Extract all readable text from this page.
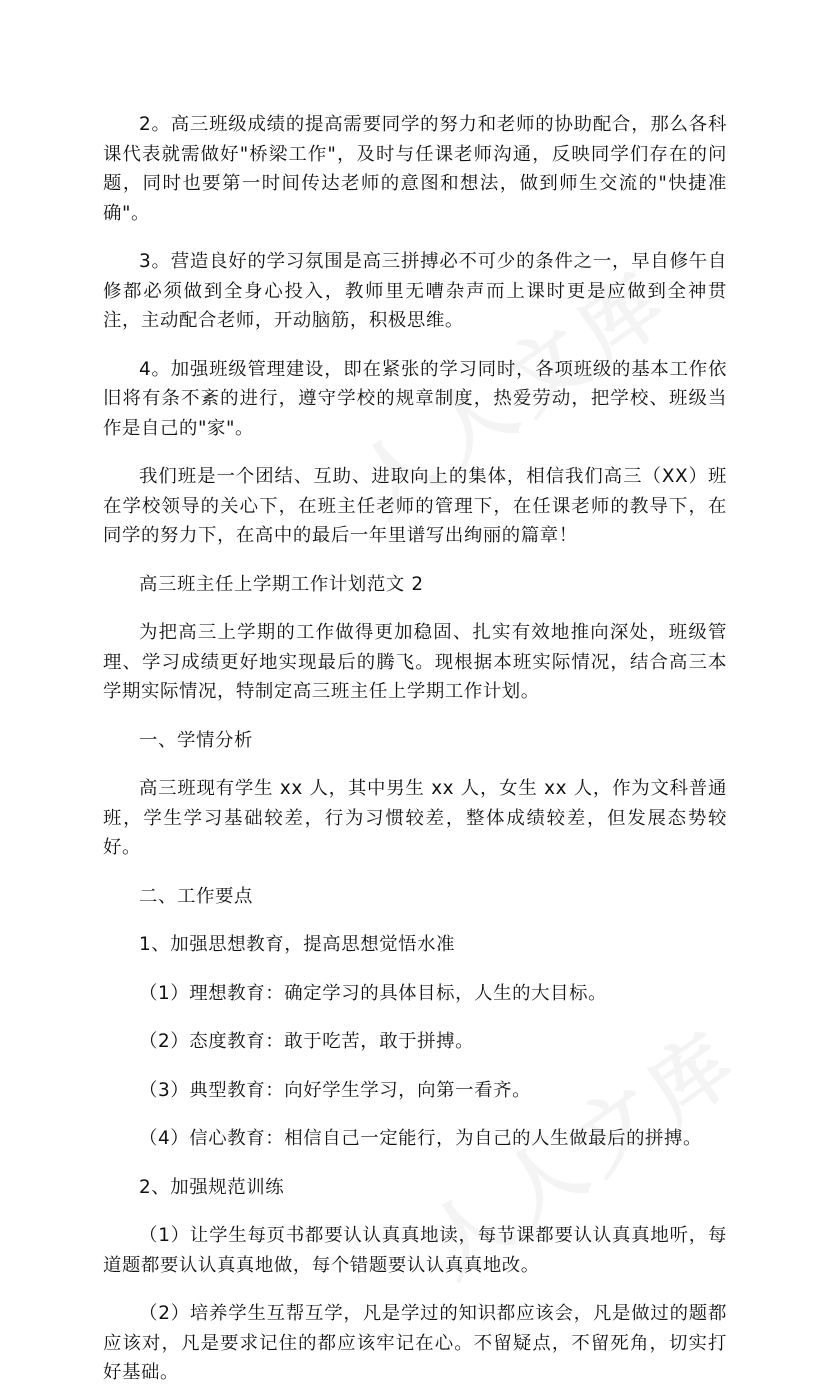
2。高三班级成绩的提高需要同学的努力和老师的协助配合，那么各科课代表就需做好"桥梁工作"，及时与任课老师沟通，反映同学们存在的问题，同时也要第一时间传达老师的意图和想法，做到师生交流的"快捷准确"。

3。营造良好的学习氛围是高三拼搏必不可少的条件之一，早自修午自修都必须做到全身心投入，教师里无嘈杂声而上课时更是应做到全神贯注，主动配合老师，开动脑筋，积极思维。

4。加强班级管理建设，即在紧张的学习同时，各项班级的基本工作依旧将有条不紊的进行，遵守学校的规章制度，热爱劳动，把学校、班级当作是自己的"家"。

我们班是一个团结、互助、进取向上的集体，相信我们高三（XX）班在学校领导的关心下，在班主任老师的管理下，在任课老师的教导下，在同学的努力下，在高中的最后一年里谱写出绚丽的篇章！

高三班主任上学期工作计划范文 2

为把高三上学期的工作做得更加稳固、扎实有效地推向深处，班级管理、学习成绩更好地实现最后的腾飞。现根据本班实际情况，结合高三本学期实际情况，特制定高三班主任上学期工作计划。

一、学情分析

高三班现有学生 xx 人，其中男生 xx 人，女生 xx 人，作为文科普通班，学生学习基础较差，行为习惯较差，整体成绩较差，但发展态势较好。

二、工作要点

1、加强思想教育，提高思想觉悟水准

（1）理想教育：确定学习的具体目标，人生的大目标。

（2）态度教育：敢于吃苦，敢于拼搏。

（3）典型教育：向好学生学习，向第一看齐。

（4）信心教育：相信自己一定能行，为自己的人生做最后的拼搏。

2、加强规范训练

（1）让学生每页书都要认认真真地读，每节课都要认认真真地听，每道题都要认认真真地做，每个错题要认认真真地改。

（2）培养学生互帮互学，凡是学过的知识都应该会，凡是做过的题都应该对，凡是要求记住的都应该牢记在心。不留疑点，不留死角，切实打好基础。
